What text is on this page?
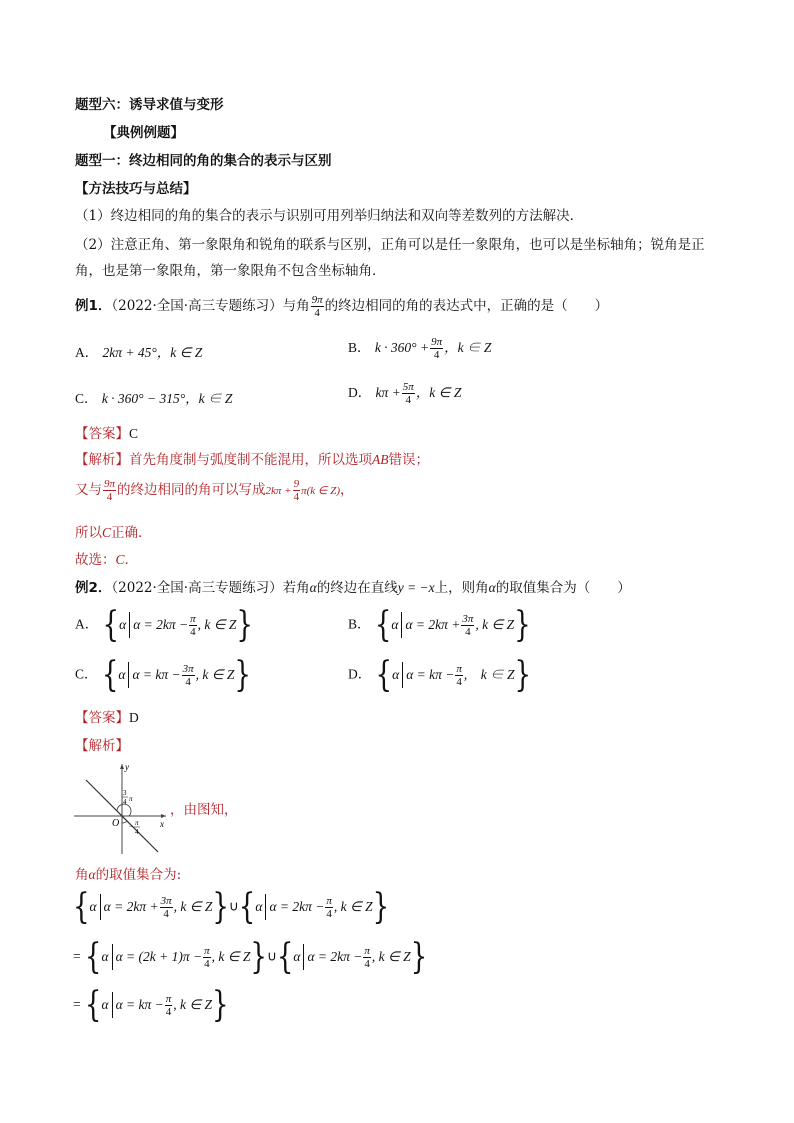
题型六：诱导求值与变形
【典例例题】
题型一：终边相同的角的集合的表示与区别
【方法技巧与总结】
（1）终边相同的角的集合的表示与识别可用列举归纳法和双向等差数列的方法解决．
（2）注意正角、第一象限角和锐角的联系与区别，正角可以是任一象限角，也可以是坐标轴角；锐角是正
角，也是第一象限角，第一象限角不包含坐标轴角．
例1．（2022·全国·高三专题练习）与角 $\frac{9\pi}{4}$ 的终边相同的角的表达式中，正确的是（　　）
A． 2kπ + 45°，k ∈ Z	B． $k \cdot 360^\circ + \frac{9\pi}{4}$ ，k ∈ Z
C． k · 360° − 315°，k ∈ Z	D． $k\pi + \frac{5\pi}{4}$ ，k ∈ Z
【答案】C
【解析】首先角度制与弧度制不能混用，所以选项AB错误；
又与 $\frac{9\pi}{4}$ 的终边相同的角可以写成$2k\pi + \frac{9}{4} \pi(k$ ∈ Z)，
所以C正确．
故选：C．
例2．（2022·全国·高三专题练习）若角α的终边在直线y = −x上，则角α的取值集合为（　　）
A． {α $\alpha = 2k\pi - \frac{\pi}{4}$ , k ∈ Z}	B． {α $\alpha = 2k\pi + \frac{3\pi}{4}$ , k ∈ Z}
C． {α $\alpha = k\pi - \frac{3\pi}{4}$ , k ∈ Z}	D． {α $\alpha = k\pi - \frac{\pi}{4}$ ,　k ∈ Z}
【答案】D
【解析】
y
x
O
3
4 π
− π
4
，由图知，
角α的取值集合为:
{α $\alpha = 2k\pi + \frac{3\pi}{4}$ , k ∈ Z}∪{α $\alpha = 2k\pi - \frac{\pi}{4}$ , k ∈ Z}
= {α $\alpha = (2k + 1)\pi - \frac{\pi}{4}$ , k ∈ Z}∪{α $\alpha = 2k\pi - \frac{\pi}{4}$ , k ∈ Z}
= {α $\alpha = k\pi - \frac{\pi}{4}$ , k ∈ Z}
